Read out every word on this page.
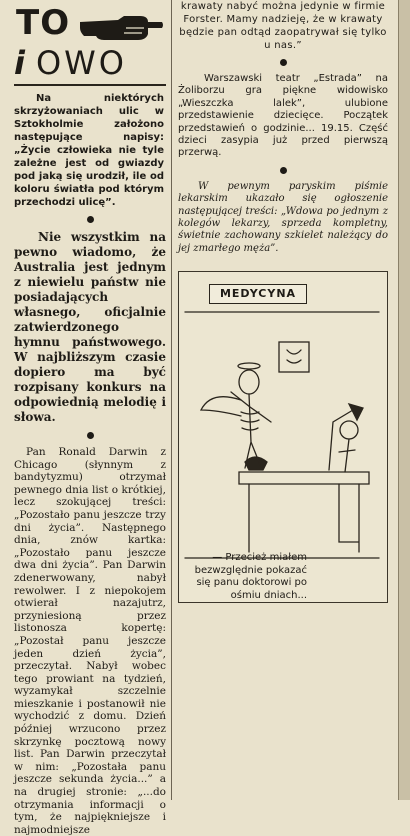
TO
i OWO

Na niektórych skrzyżowaniach ulic w Sztokholmie założono następujące napisy: „Życie człowieka nie tyle zależne jest od gwiazdy pod jaką się urodził, ile od koloru światła pod którym przechodzi ulicę”.

Nie wszystkim na pewno wiadomo, że Australia jest jednym z niewielu państw nie posiadających własnego, oficjalnie zatwierdzonego hymnu państwowego. W najbliższym czasie dopiero ma być rozpisany konkurs na odpowiednią melodię i słowa.

Pan Ronald Darwin z Chicago (słynnym z bandytyzmu) otrzymał pewnego dnia list o krótkiej, lecz szokującej treści: „Pozostało panu jeszcze trzy dni życia”. Następnego dnia, znów kartka: „Pozostało panu jeszcze dwa dni życia”. Pan Darwin zdenerwowany, nabył rewolwer. I z niepokojem otwierał nazajutrz, przyniesioną przez listonosza kopertę: „Pozostał panu jeszcze jeden dzień życia”, przeczytał. Nabył wobec tego prowiant na tydzień, wyzamykał szczelnie mieszkanie i postanowił nie wychodzić z domu. Dzień później wrzucono przez skrzynkę pocztową nowy list. Pan Darwin przeczytał w nim: „Pozostała panu jeszcze sekunda życia...” a na drugiej stronie: „...do otrzymania informacji o tym, że najpiękniejsze i najmodniejsze

krawaty nabyć można jedynie w firmie Forster. Mamy nadzieję, że w krawaty będzie pan odtąd zaopatrywał się tylko u nas.”

Warszawski teatr „Estrada” na Żoliborzu gra piękne widowisko „Wieszczka lalek”, ulubione przedstawienie dziecięce. Początek przedstawień o godzinie... 19.15. Część dzieci zasypia już przed pierwszą przerwą.

W pewnym paryskim piśmie lekarskim ukazało się ogłoszenie następującej treści: „Wdowa po jednym z kolegów lekarzy, sprzeda kompletny, świetnie zachowany szkielet należący do jej zmarłego męża”.

MEDYCYNA
— Przecież miałem bezwzględnie pokazać się panu doktorowi po ośmiu dniach...
